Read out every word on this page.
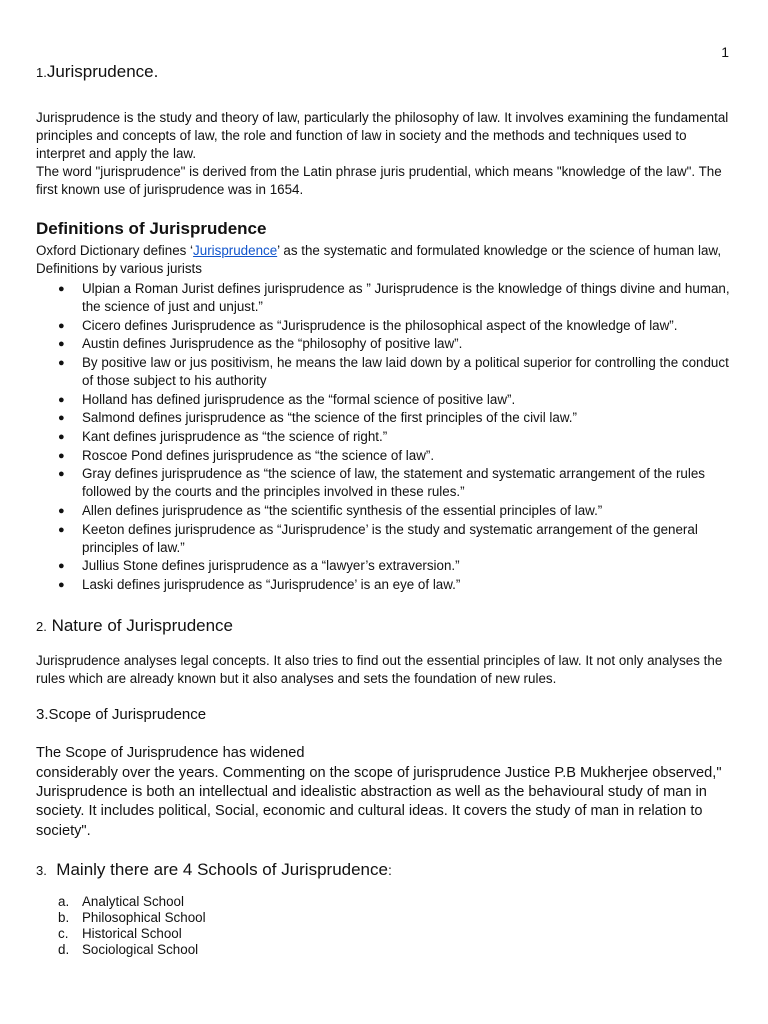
1
1.Jurisprudence.

Jurisprudence is the study and theory of law, particularly the philosophy of law. It involves examining the fundamental principles and concepts of law, the role and function of law in society and the methods and techniques used to interpret and apply the law.

The word "jurisprudence" is derived from the Latin phrase juris prudential, which means "knowledge of the law". The first known use of jurisprudence was in 1654.

Definitions of Jurisprudence

Oxford Dictionary defines ‘Jurisprudence’ as the systematic and formulated knowledge or the science of human law,

Definitions by various jurists

● Ulpian a Roman Jurist defines jurisprudence as ” Jurisprudence is the knowledge of things divine and human, the science of just and unjust.”
● Cicero defines Jurisprudence as “Jurisprudence is the philosophical aspect of the knowledge of law”.
● Austin defines Jurisprudence as the “philosophy of positive law”.
● By positive law or jus positivism, he means the law laid down by a political superior for controlling the conduct of those subject to his authority
● Holland has defined jurisprudence as the “formal science of positive law”.
● Salmond defines jurisprudence as “the science of the first principles of the civil law.”
● Kant defines jurisprudence as “the science of right.”
● Roscoe Pond defines jurisprudence as “the science of law”.
● Gray defines jurisprudence as “the science of law, the statement and systematic arrangement of the rules followed by the courts and the principles involved in these rules.”
● Allen defines jurisprudence as “the scientific synthesis of the essential principles of law.”
● Keeton defines jurisprudence as “Jurisprudence’ is the study and systematic arrangement of the general principles of law.”
● Jullius Stone defines jurisprudence as a “lawyer’s extraversion.”
● Laski defines jurisprudence as “Jurisprudence’ is an eye of law.”
2. Nature of Jurisprudence

Jurisprudence analyses legal concepts. It also tries to find out the essential principles of law. It not only analyses the rules which are already known but it also analyses and sets the foundation of new rules.

3.Scope of Jurisprudence
The Scope of Jurisprudence has widened
considerably over the years. Commenting on the scope of jurisprudence Justice P.B Mukherjee observed," Jurisprudence is both an intellectual and idealistic abstraction as well as the behavioural study of man in society. It includes political, Social, economic and cultural ideas. It covers the study of man in relation to society".
3. Mainly there are 4 Schools of Jurisprudence:
a. Analytical School
b. Philosophical School
c. Historical School
d. Sociological School
